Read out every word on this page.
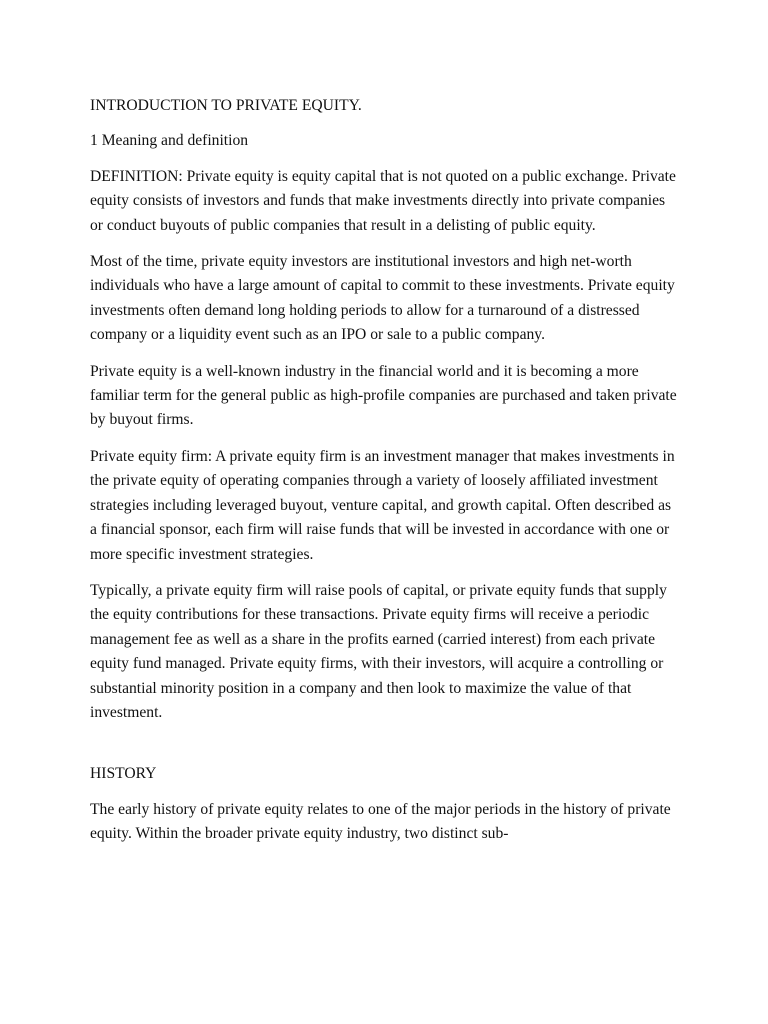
INTRODUCTION TO PRIVATE EQUITY.

1 Meaning and definition

DEFINITION: Private equity is equity capital that is not quoted on a public exchange. Private equity consists of investors and funds that make investments directly into private companies or conduct buyouts of public companies that result in a delisting of public equity.

Most of the time, private equity investors are institutional investors and high net-worth individuals who have a large amount of capital to commit to these investments. Private equity investments often demand long holding periods to allow for a turnaround of a distressed company or a liquidity event such as an IPO or sale to a public company.

Private equity is a well-known industry in the financial world and it is becoming a more familiar term for the general public as high-profile companies are purchased and taken private by buyout firms.

Private equity firm: A private equity firm is an investment manager that makes investments in the private equity of operating companies through a variety of loosely affiliated investment strategies including leveraged buyout, venture capital, and growth capital. Often described as a financial sponsor, each firm will raise funds that will be invested in accordance with one or more specific investment strategies.

Typically, a private equity firm will raise pools of capital, or private equity funds that supply the equity contributions for these transactions. Private equity firms will receive a periodic management fee as well as a share in the profits earned (carried interest) from each private equity fund managed. Private equity firms, with their investors, will acquire a controlling or substantial minority position in a company and then look to maximize the value of that investment.

HISTORY

The early history of private equity relates to one of the major periods in the history of private equity. Within the broader private equity industry, two distinct sub-
